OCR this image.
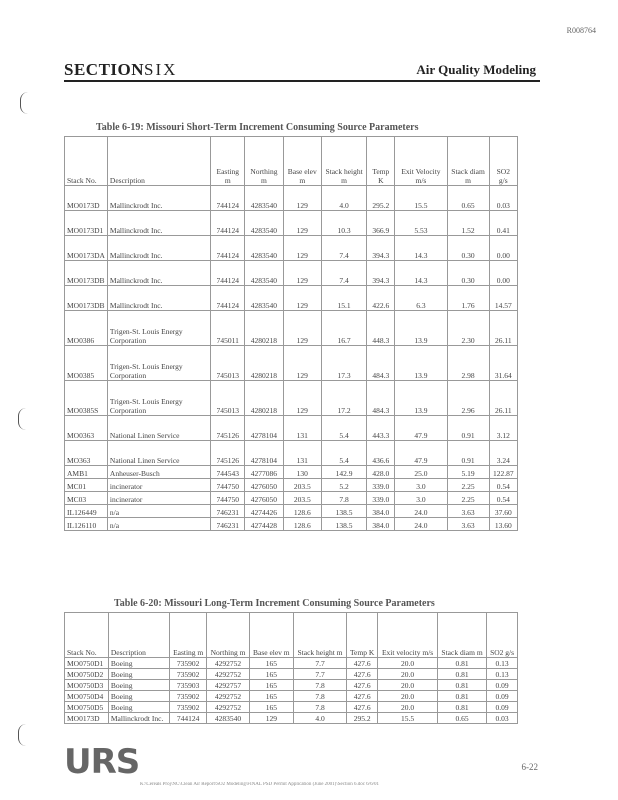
R008764
SECTIONSIX	Air Quality Modeling
Table 6-19: Missouri Short-Term Increment Consuming Source Parameters
Stack No.	Description	Easting m	Northing m	Base elev m	Stack height m	Temp K	Exit Velocity m/s	Stack diam m	SO2 g/s
MO0173D	Mallinckrodt Inc.	744124	4283540	129	4.0	295.2	15.5	0.65	0.03
MO0173D1	Mallinckrodt Inc.	744124	4283540	129	10.3	366.9	5.53	1.52	0.41
MO0173DA	Mallinckrodt Inc.	744124	4283540	129	7.4	394.3	14.3	0.30	0.00
MO0173DB	Mallinckrodt Inc.	744124	4283540	129	7.4	394.3	14.3	0.30	0.00
MO0173DB	Mallinckrodt Inc.	744124	4283540	129	15.1	422.6	6.3	1.76	14.57
MO0386	Trigen-St. Louis Energy Corporation	745011	4280218	129	16.7	448.3	13.9	2.30	26.11
MO0385	Trigen-St. Louis Energy Corporation	745013	4280218	129	17.3	484.3	13.9	2.98	31.64
MO0385S	Trigen-St. Louis Energy Corporation	745013	4280218	129	17.2	484.3	13.9	2.96	26.11
MO0363	National Linen Service	745126	4278104	131	5.4	443.3	47.9	0.91	3.12
MO363	National Linen Service	745126	4278104	131	5.4	436.6	47.9	0.91	3.24
AMB1	Anheuser-Busch	744543	4277086	130	142.9	428.0	25.0	5.19	122.87
MC01	incinerator	744750	4276050	203.5	5.2	339.0	3.0	2.25	0.54
MC03	incinerator	744750	4276050	203.5	7.8	339.0	3.0	2.25	0.54
IL126449	n/a	746231	4274426	128.6	138.5	384.0	24.0	3.63	37.60
IL126110	n/a	746231	4274428	128.6	138.5	384.0	24.0	3.63	13.60
Table 6-20: Missouri Long-Term Increment Consuming Source Parameters
Stack No.	Description	Easting m	Northing m	Base elev m	Stack height m	Temp K	Exit velocity m/s	Stack diam m	SO2 g/s
MO0750D1	Boeing	735902	4292752	165	7.7	427.6	20.0	0.81	0.13
MO0750D2	Boeing	735902	4292752	165	7.7	427.6	20.0	0.81	0.13
MO0750D3	Boeing	735903	4292757	165	7.8	427.6	20.0	0.81	0.09
MO0750D4	Boeing	735902	4292752	165	7.8	427.6	20.0	0.81	0.09
MO0750D5	Boeing	735902	4292752	165	7.8	427.6	20.0	0.81	0.09
MO0173D	Mallinckrodt Inc.	744124	4283540	129	4.0	295.2	15.5	0.65	0.03
URS	6-22
K:\Cereals Proj\NC\Clean Air Report\SO2 Modeling\FINAL PSD Permit Application (June 2001)\Section 6.doc 6/6/01
